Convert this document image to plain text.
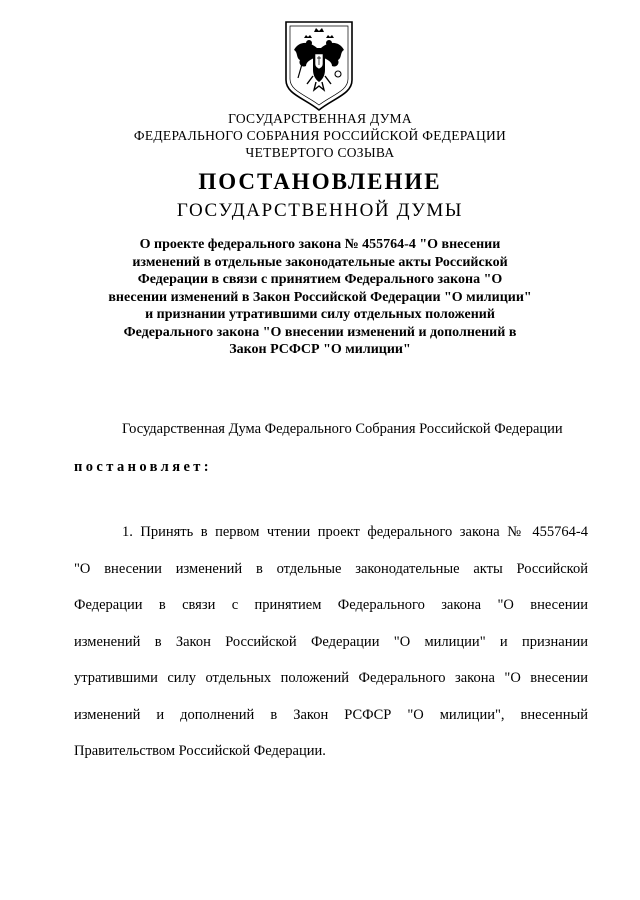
ГОСУДАРСТВЕННАЯ ДУМА
ФЕДЕРАЛЬНОГО СОБРАНИЯ РОССИЙСКОЙ ФЕДЕРАЦИИ
ЧЕТВЕРТОГО СОЗЫВА
ПОСТАНОВЛЕНИЕ
ГОСУДАРСТВЕННОЙ ДУМЫ
О проекте федерального закона № 455764-4 "О внесении
изменений в отдельные законодательные акты Российской
Федерации в связи с принятием Федерального закона "О
внесении изменений в Закон Российской Федерации "О милиции"
и признании утратившими силу отдельных положений
Федерального закона "О внесении изменений и дополнений в
Закон РСФСР "О милиции"
Государственная Дума Федерального Собрания Российской Федерации
постановляет:
1. Принять в первом чтении проект федерального закона № 455764-4
"О внесении изменений в отдельные законодательные акты Российской
Федерации в связи с принятием Федерального закона "О внесении
изменений в Закон Российской Федерации "О милиции" и признании
утратившими силу отдельных положений Федерального закона "О внесении
изменений и дополнений в Закон РСФСР "О милиции", внесенный
Правительством Российской Федерации.
